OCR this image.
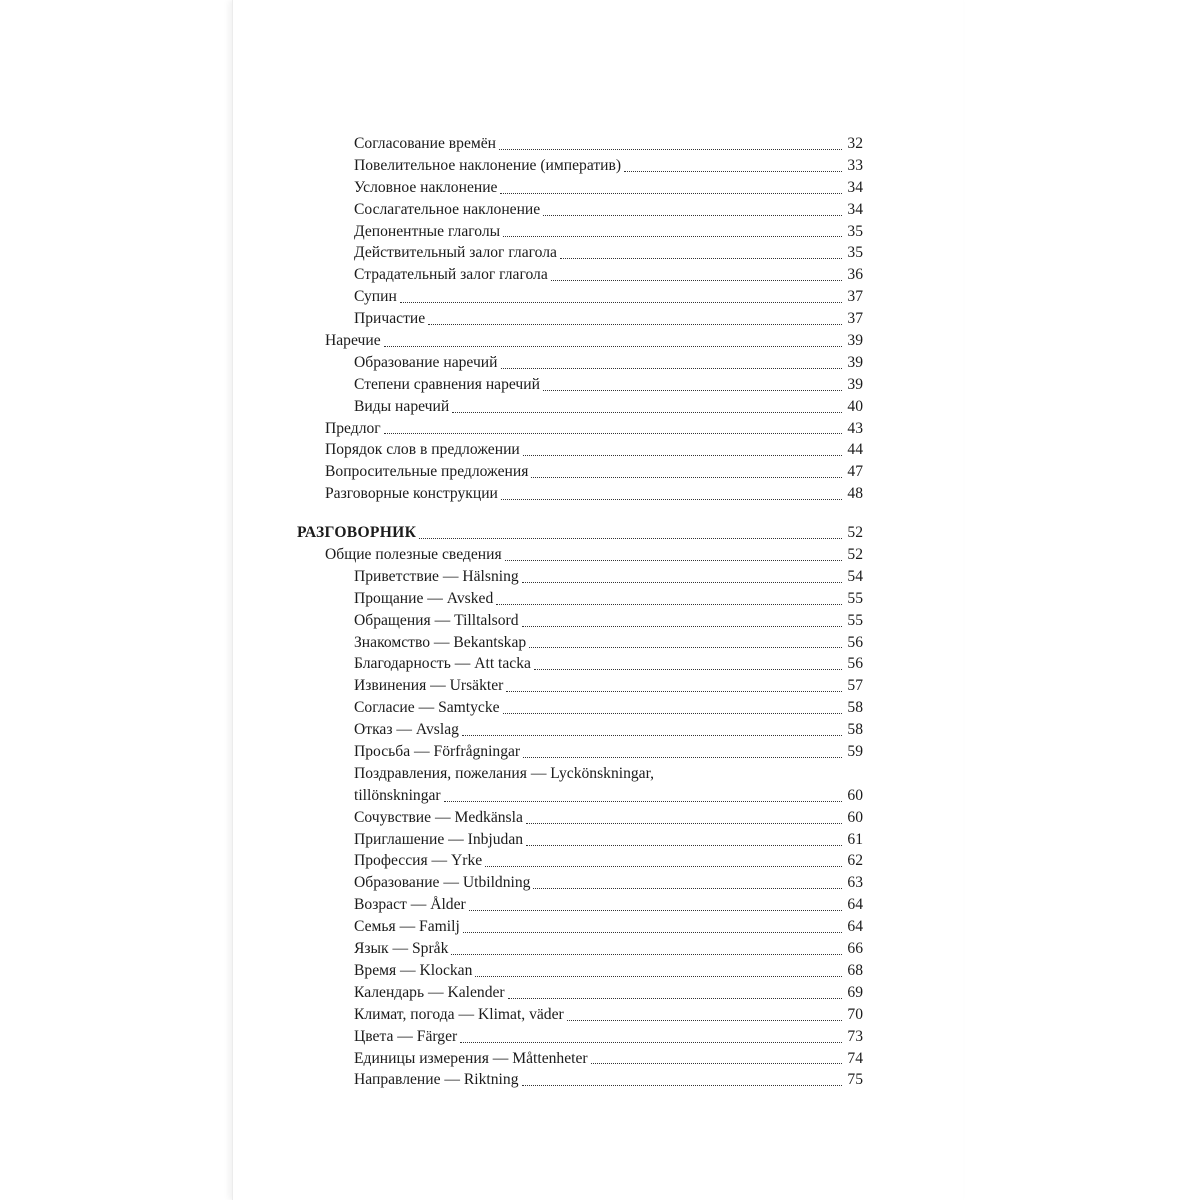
Согласование времён	32
Повелительное наклонение (императив)	33
Условное наклонение	34
Сослагательное наклонение	34
Депонентные глаголы	35
Действительный залог глагола	35
Страдательный залог глагола	36
Супин	37
Причастие	37
Наречие	39
Образование наречий	39
Степени сравнения наречий	39
Виды наречий	40
Предлог	43
Порядок слов в предложении	44
Вопросительные предложения	47
Разговорные конструкции	48
РАЗГОВОРНИК	52
Общие полезные сведения	52
Приветствие — Hälsning	54
Прощание — Avsked	55
Обращения — Tilltalsord	55
Знакомство — Bekantskap	56
Благодарность — Att tacka	56
Извинения — Ursäkter	57
Согласие — Samtycke	58
Отказ — Avslag	58
Просьба — Förfrågningar	59
Поздравления, пожелания — Lyckönskningar,
tillönskningar	60
Сочувствие — Medkänsla	60
Приглашение — Inbjudan	61
Профессия — Yrke	62
Образование — Utbildning	63
Возраст — Ålder	64
Семья — Familj	64
Язык — Språk	66
Время — Klockan	68
Календарь — Kalender	69
Климат, погода — Klimat, väder	70
Цвета — Färger	73
Единицы измерения — Måttenheter	74
Направление — Riktning	75
